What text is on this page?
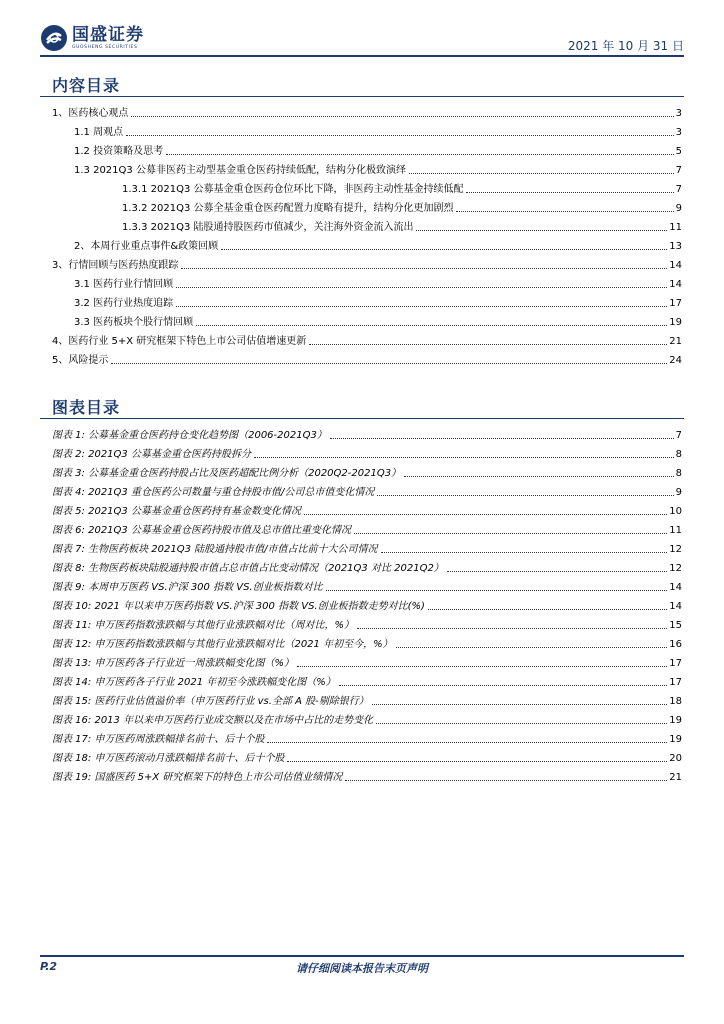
国盛证券
GUOSHENG SECURITIES	2021 年 10 月 31 日
内容目录
1、医药核心观点	3
1.1 周观点	3
1.2 投资策略及思考	5
1.3 2021Q3 公募非医药主动型基金重仓医药持续低配，结构分化极致演绎	7
1.3.1 2021Q3 公募基金重仓医药仓位环比下降，非医药主动性基金持续低配	7
1.3.2 2021Q3 公募全基金重仓医药配置力度略有提升，结构分化更加剧烈	9
1.3.3 2021Q3 陆股通持股医药市值减少，关注海外资金流入流出	11
2、本周行业重点事件&政策回顾	13
3、行情回顾与医药热度跟踪	14
3.1 医药行业行情回顾	14
3.2 医药行业热度追踪	17
3.3 医药板块个股行情回顾	19
4、医药行业 5+X 研究框架下特色上市公司估值增速更新	21
5、风险提示	24
图表目录
图表 1: 公募基金重仓医药持仓变化趋势图（2006-2021Q3）	7
图表 2: 2021Q3 公募基金重仓医药持股拆分	8
图表 3: 公募基金重仓医药持股占比及医药超配比例分析（2020Q2-2021Q3）	8
图表 4: 2021Q3 重仓医药公司数量与重仓持股市值/公司总市值变化情况	9
图表 5: 2021Q3 公募基金重仓医药持有基金数变化情况	10
图表 6: 2021Q3 公募基金重仓医药持股市值及总市值比重变化情况	11
图表 7: 生物医药板块 2021Q3 陆股通持股市值/市值占比前十大公司情况	12
图表 8: 生物医药板块陆股通持股市值占总市值占比变动情况（2021Q3 对比 2021Q2）	12
图表 9: 本周申万医药 VS.沪深 300 指数 VS.创业板指数对比	14
图表 10: 2021 年以来申万医药指数 VS.沪深 300 指数 VS.创业板指数走势对比(%)	14
图表 11: 申万医药指数涨跌幅与其他行业涨跌幅对比（周对比，%）	15
图表 12: 申万医药指数涨跌幅与其他行业涨跌幅对比（2021 年初至今，%）	16
图表 13: 申万医药各子行业近一周涨跌幅变化图（%）	17
图表 14: 申万医药各子行业 2021 年初至今涨跌幅变化图（%）	17
图表 15: 医药行业估值溢价率（申万医药行业 vs.全部 A 股-剔除银行）	18
图表 16: 2013 年以来申万医药行业成交额以及在市场中占比的走势变化	19
图表 17: 申万医药周涨跌幅排名前十、后十个股	19
图表 18: 申万医药滚动月涨跌幅排名前十、后十个股	20
图表 19: 国盛医药 5+X 研究框架下的特色上市公司估值业绩情况	21
P.2	请仔细阅读本报告末页声明
